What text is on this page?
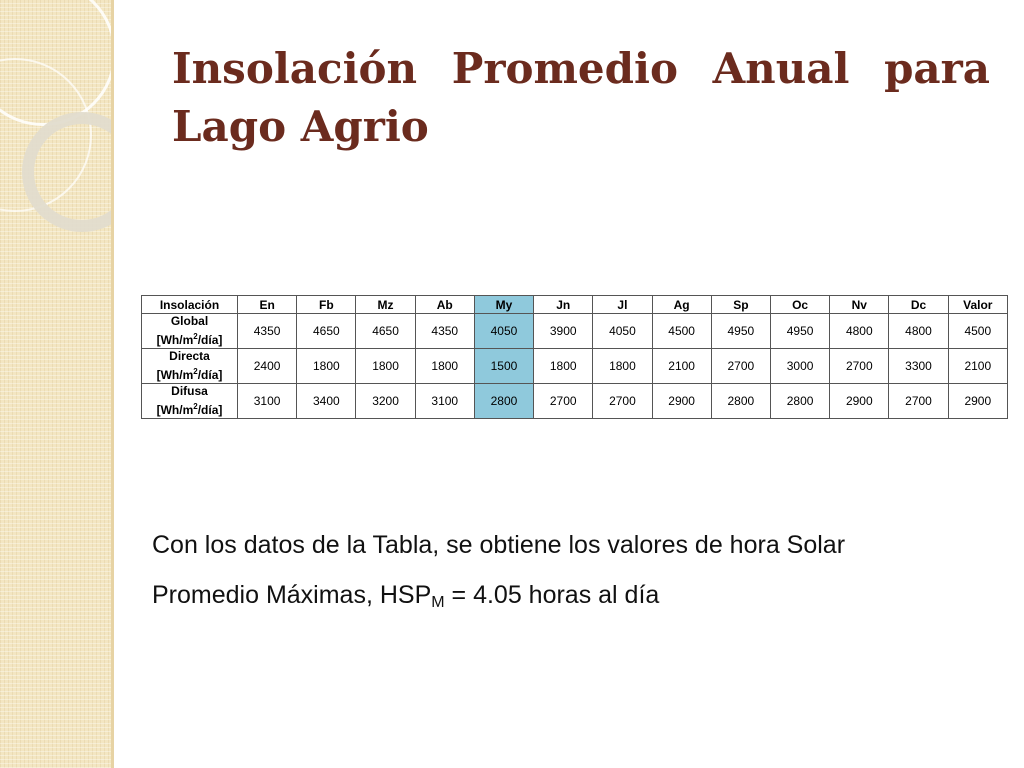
Insolación Promedio Anual para Lago Agrio
Insolación	En	Fb	Mz	Ab	My	Jn	Jl	Ag	Sp	Oc	Nv	Dc	Valor
Global
$[Wh/m^2/día]$	4350	4650	4650	4350	4050	3900	4050	4500	4950	4950	4800	4800	4500
Directa
$[Wh/m^2/día]$	2400	1800	1800	1800	1500	1800	1800	2100	2700	3000	2700	3300	2100
Difusa
$[Wh/m^2/día]$	3100	3400	3200	3100	2800	2700	2700	2900	2800	2800	2900	2700	2900

Con los datos de la Tabla, se obtiene los valores de hora Solar
Promedio Máximas, $HSP_M = 4.05$ horas al día
